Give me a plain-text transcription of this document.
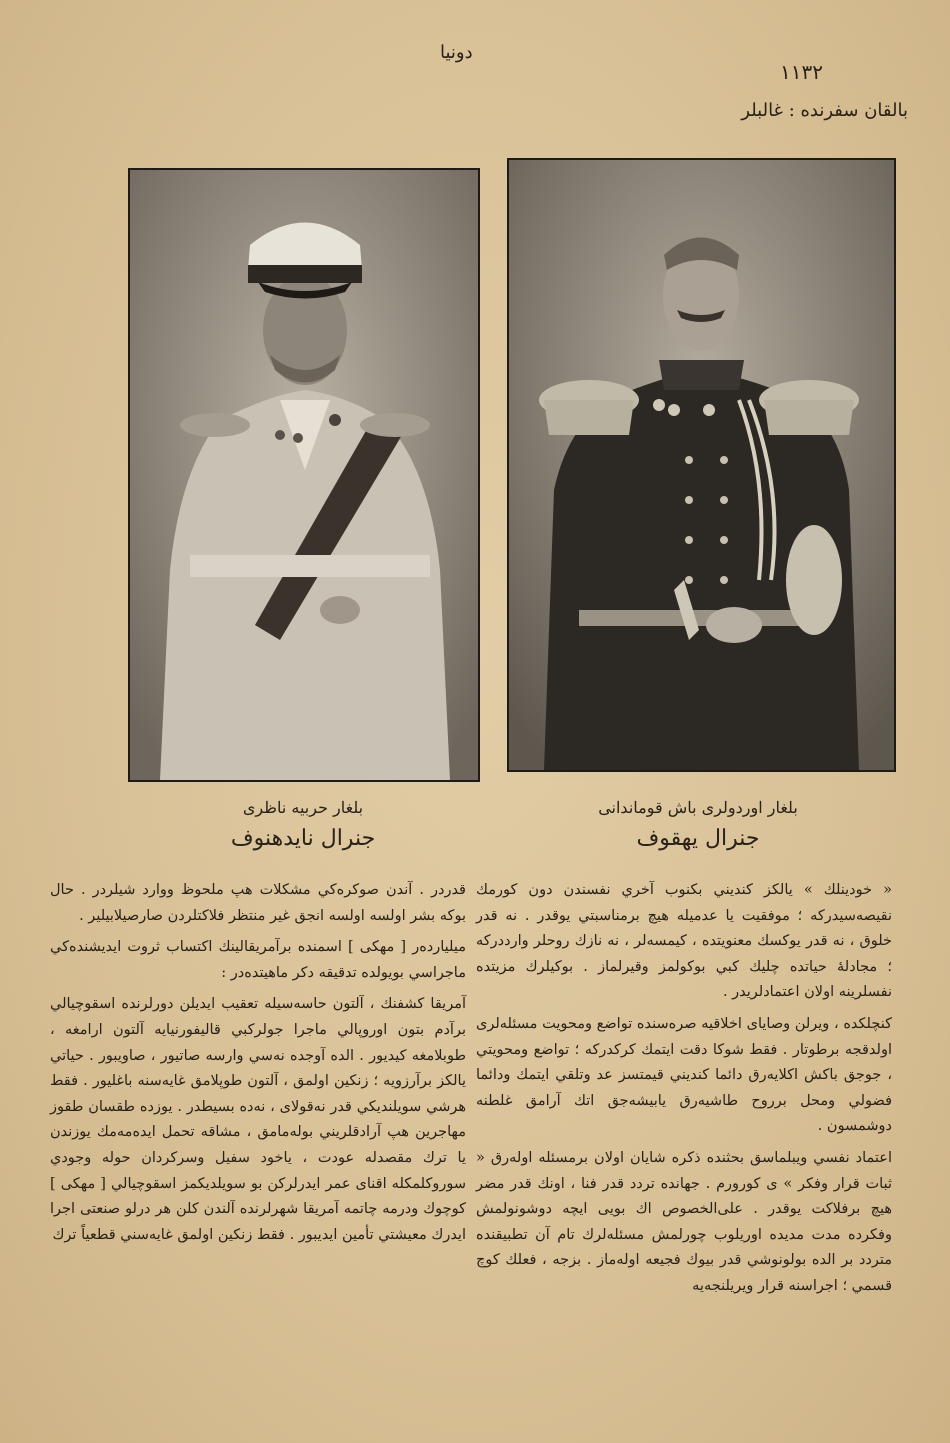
دونيا
١١٣٢
بالقان سفرنده : غالبلر
بلغار حربيه ناظرى
جنرال نايدهنوف
بلغار اوردولرى باش قوماندانى
جنرال يهقوف

« خودينلك » يالكز كنديني بكنوب آخري نفسندن دون كورمك نقيصه‌سيدركه ؛ موفقيت يا عدميله هيچ برمناسبتي يوقدر . نه قدر خلوق ، نه قدر يوكسك معنويتده ، كيمسه‌لر ، نه نازك روحلر وارددركه ؛ مجادلهٔ حياتده چليك كبي بوكولمز وقيرلماز . بوكيلرك مزيتده نفسلرينه اولان اعتمادلريدر .

كنچلكده ، ويرلن وصاياى اخلاقيه صره‌سنده تواضع ومحويت مسئله‌لرى اولدقجه برطوتار . فقط شوكا دقت ايتمك كركدركه ؛ تواضع ومحويتي ، جوجق باكش اكلايه‌رق دائما كنديني قيمتسز عد وتلقي ايتمك ودائما فضولي ومحل برروح طاشيه‌رق يابيشه‌جق اتك آرامق غلطنه دوشمسون .

اعتماد نفسي ويبلماسق بحثنده ذكره شايان اولان برمسئله اوله‌رق « ثبات قرار وفكر » ى كورورم . جهانده تردد قدر فنا ، اونك قدر مضر هيچ برفلاكت يوقدر . على‌الخصوص اك بويى ايچه دوشونولمش وفكرده مدت مديده اوريلوب چورلمش مسئله‌لرك تام آن تطبيقنده متردد بر الده بولونوشي قدر بيوك فجيعه اوله‌ماز . بزجه ، فعلك كوچ قسمي ؛ اجراسنه قرار ويريلنجه‌يه

قدردر . آندن صوكره‌كي مشكلات هپ ملحوظ ووارد شيلردر . حال بوكه بشر اولسه اولسه انجق غير منتظر فلاكتلردن صارصيلابيلير .

ميليارده‌ر [ مهكى ] اسمنده برآمريقالينك اكتساب ثروت ايديشنده‌كي ماجراسي بويولده تدقيقه دكر ماهيتده‌در :

آمريقا كشفنك ، آلتون حاسه‌سيله تعقيب ايديلن دورلرنده اسقوچيالي برآدم بتون اوروپالي ماجرا جولركبي قاليفورنيايه آلتون ارامغه ، طوبلامغه كيديور . الده آوجده نه‌سي وارسه صاتيور ، صاويبور . حياتي يالكز برآرزويه ؛ زنكين اولمق ، آلتون طوپلامق غايه‌سنه باغليور . فقط هرشي سويلنديكي قدر نه‌قولاى ، نه‌ده بسيطدر . يوزده طقسان طقوز مهاجرين هپ آرادقلريني بوله‌مامق ، مشاقه تحمل ايده‌مه‌مك يوزندن يا ترك مقصدله عودت ، ياخود سفيل وسركردان حوله وجودي سوروكلمكله اقناى عمر ايدرلركن بو سويلديكمز اسقوچيالي [ مهكى ] كوچوك ودرمه چاتمه آمريقا شهرلرنده آلندن كلن هر درلو صنعتى اجرا ايدرك معيشتي تأمين ايديبور . فقط زنكين اولمق غايه‌سني قطعياً ترك
